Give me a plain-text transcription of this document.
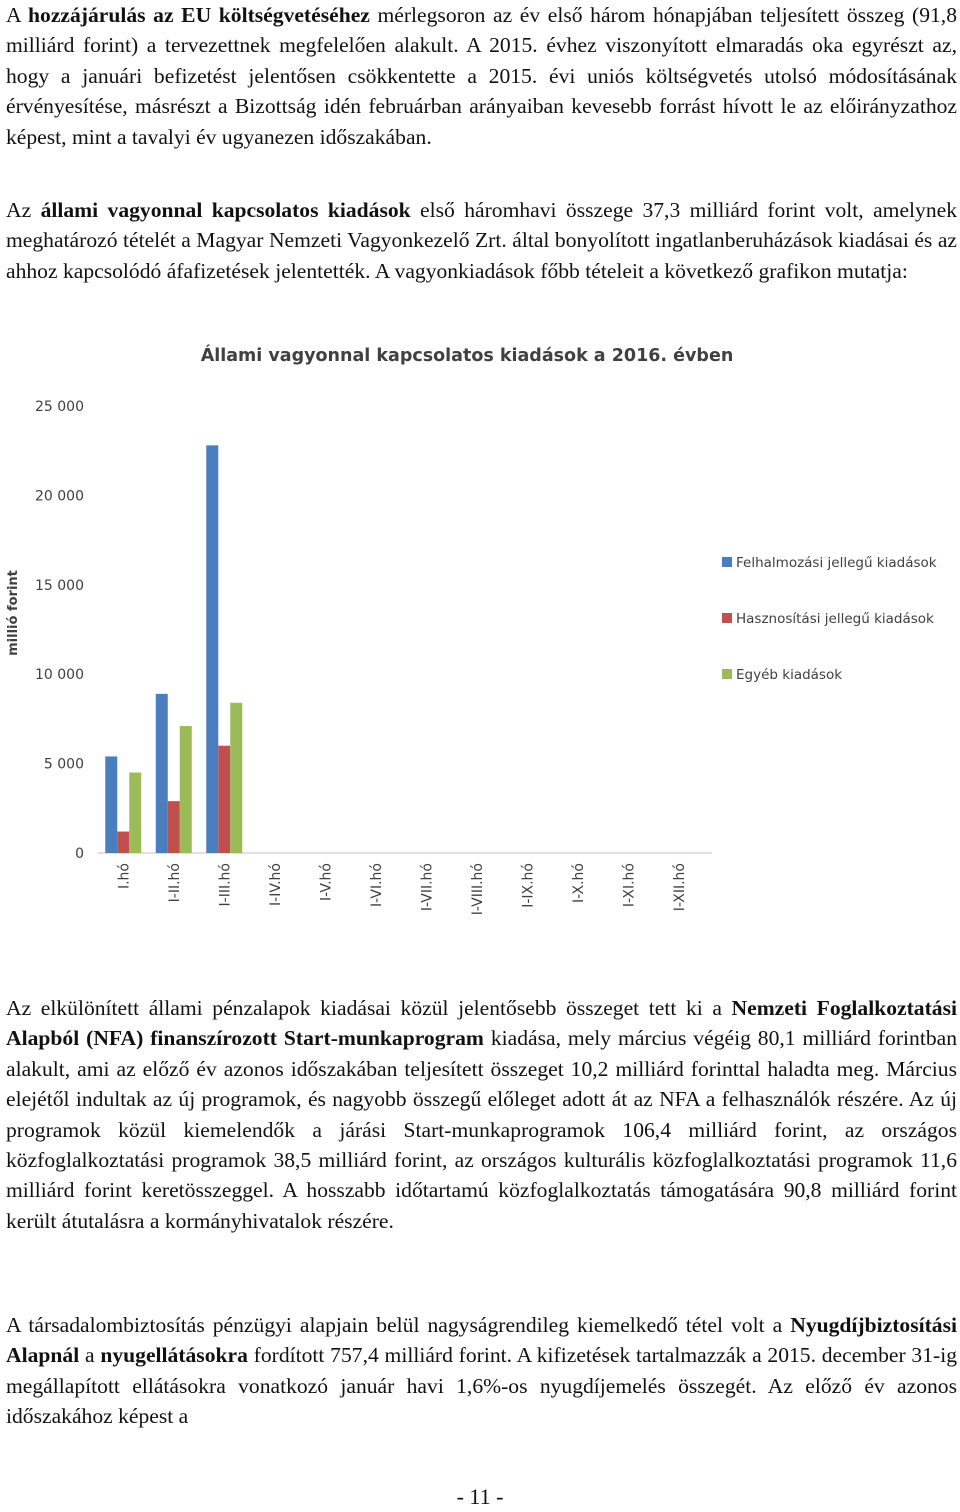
A hozzájárulás az EU költségvetéséhez mérlegsoron az év első három hónapjában teljesített összeg (91,8 milliárd forint) a tervezettnek megfelelően alakult. A 2015. évhez viszonyított elmaradás oka egyrészt az, hogy a januári befizetést jelentősen csökkentette a 2015. évi uniós költségvetés utolsó módosításának érvényesítése, másrészt a Bizottság idén februárban arányaiban kevesebb forrást hívott le az előirányzathoz képest, mint a tavalyi év ugyanezen időszakában.

Az állami vagyonnal kapcsolatos kiadások első háromhavi összege 37,3 milliárd forint volt, amelynek meghatározó tételét a Magyar Nemzeti Vagyonkezelő Zrt. által bonyolított ingatlanberuházások kiadásai és az ahhoz kapcsolódó áfafizetések jelentették. A vagyonkiadások főbb tételeit a következő grafikon mutatja:

Állami vagyonnal kapcsolatos kiadások a 2016. évben
millió forint
0
5 000
10 000
15 000
20 000
25 000
I.hó I-II.hó I-III.hó I-IV.hó I-V.hó I-VI.hó I-VII.hó I-VIII.hó I-IX.hó I-X.hó I-XI.hó I-XII.hó
Felhalmozási jellegű kiadások
Hasznosítási jellegű kiadások
Egyéb kiadások

Az elkülönített állami pénzalapok kiadásai közül jelentősebb összeget tett ki a Nemzeti Foglalkoztatási Alapból (NFA) finanszírozott Start-munkaprogram kiadása, mely március végéig 80,1 milliárd forintban alakult, ami az előző év azonos időszakában teljesített összeget 10,2 milliárd forinttal haladta meg. Március elejétől indultak az új programok, és nagyobb összegű előleget adott át az NFA a felhasználók részére. Az új programok közül kiemelendők a járási Start-munkaprogramok 106,4 milliárd forint, az országos közfoglalkoztatási programok 38,5 milliárd forint, az országos kulturális közfoglalkoztatási programok 11,6 milliárd forint keretösszeggel. A hosszabb időtartamú közfoglalkoztatás támogatására 90,8 milliárd forint került átutalásra a kormányhivatalok részére.

A társadalombiztosítás pénzügyi alapjain belül nagyságrendileg kiemelkedő tétel volt a Nyugdíjbiztosítási Alapnál a nyugellátásokra fordított 757,4 milliárd forint. A kifizetések tartalmazzák a 2015. december 31-ig megállapított ellátásokra vonatkozó január havi 1,6%-os nyugdíjemelés összegét. Az előző év azonos időszakához képest a

- 11 -
